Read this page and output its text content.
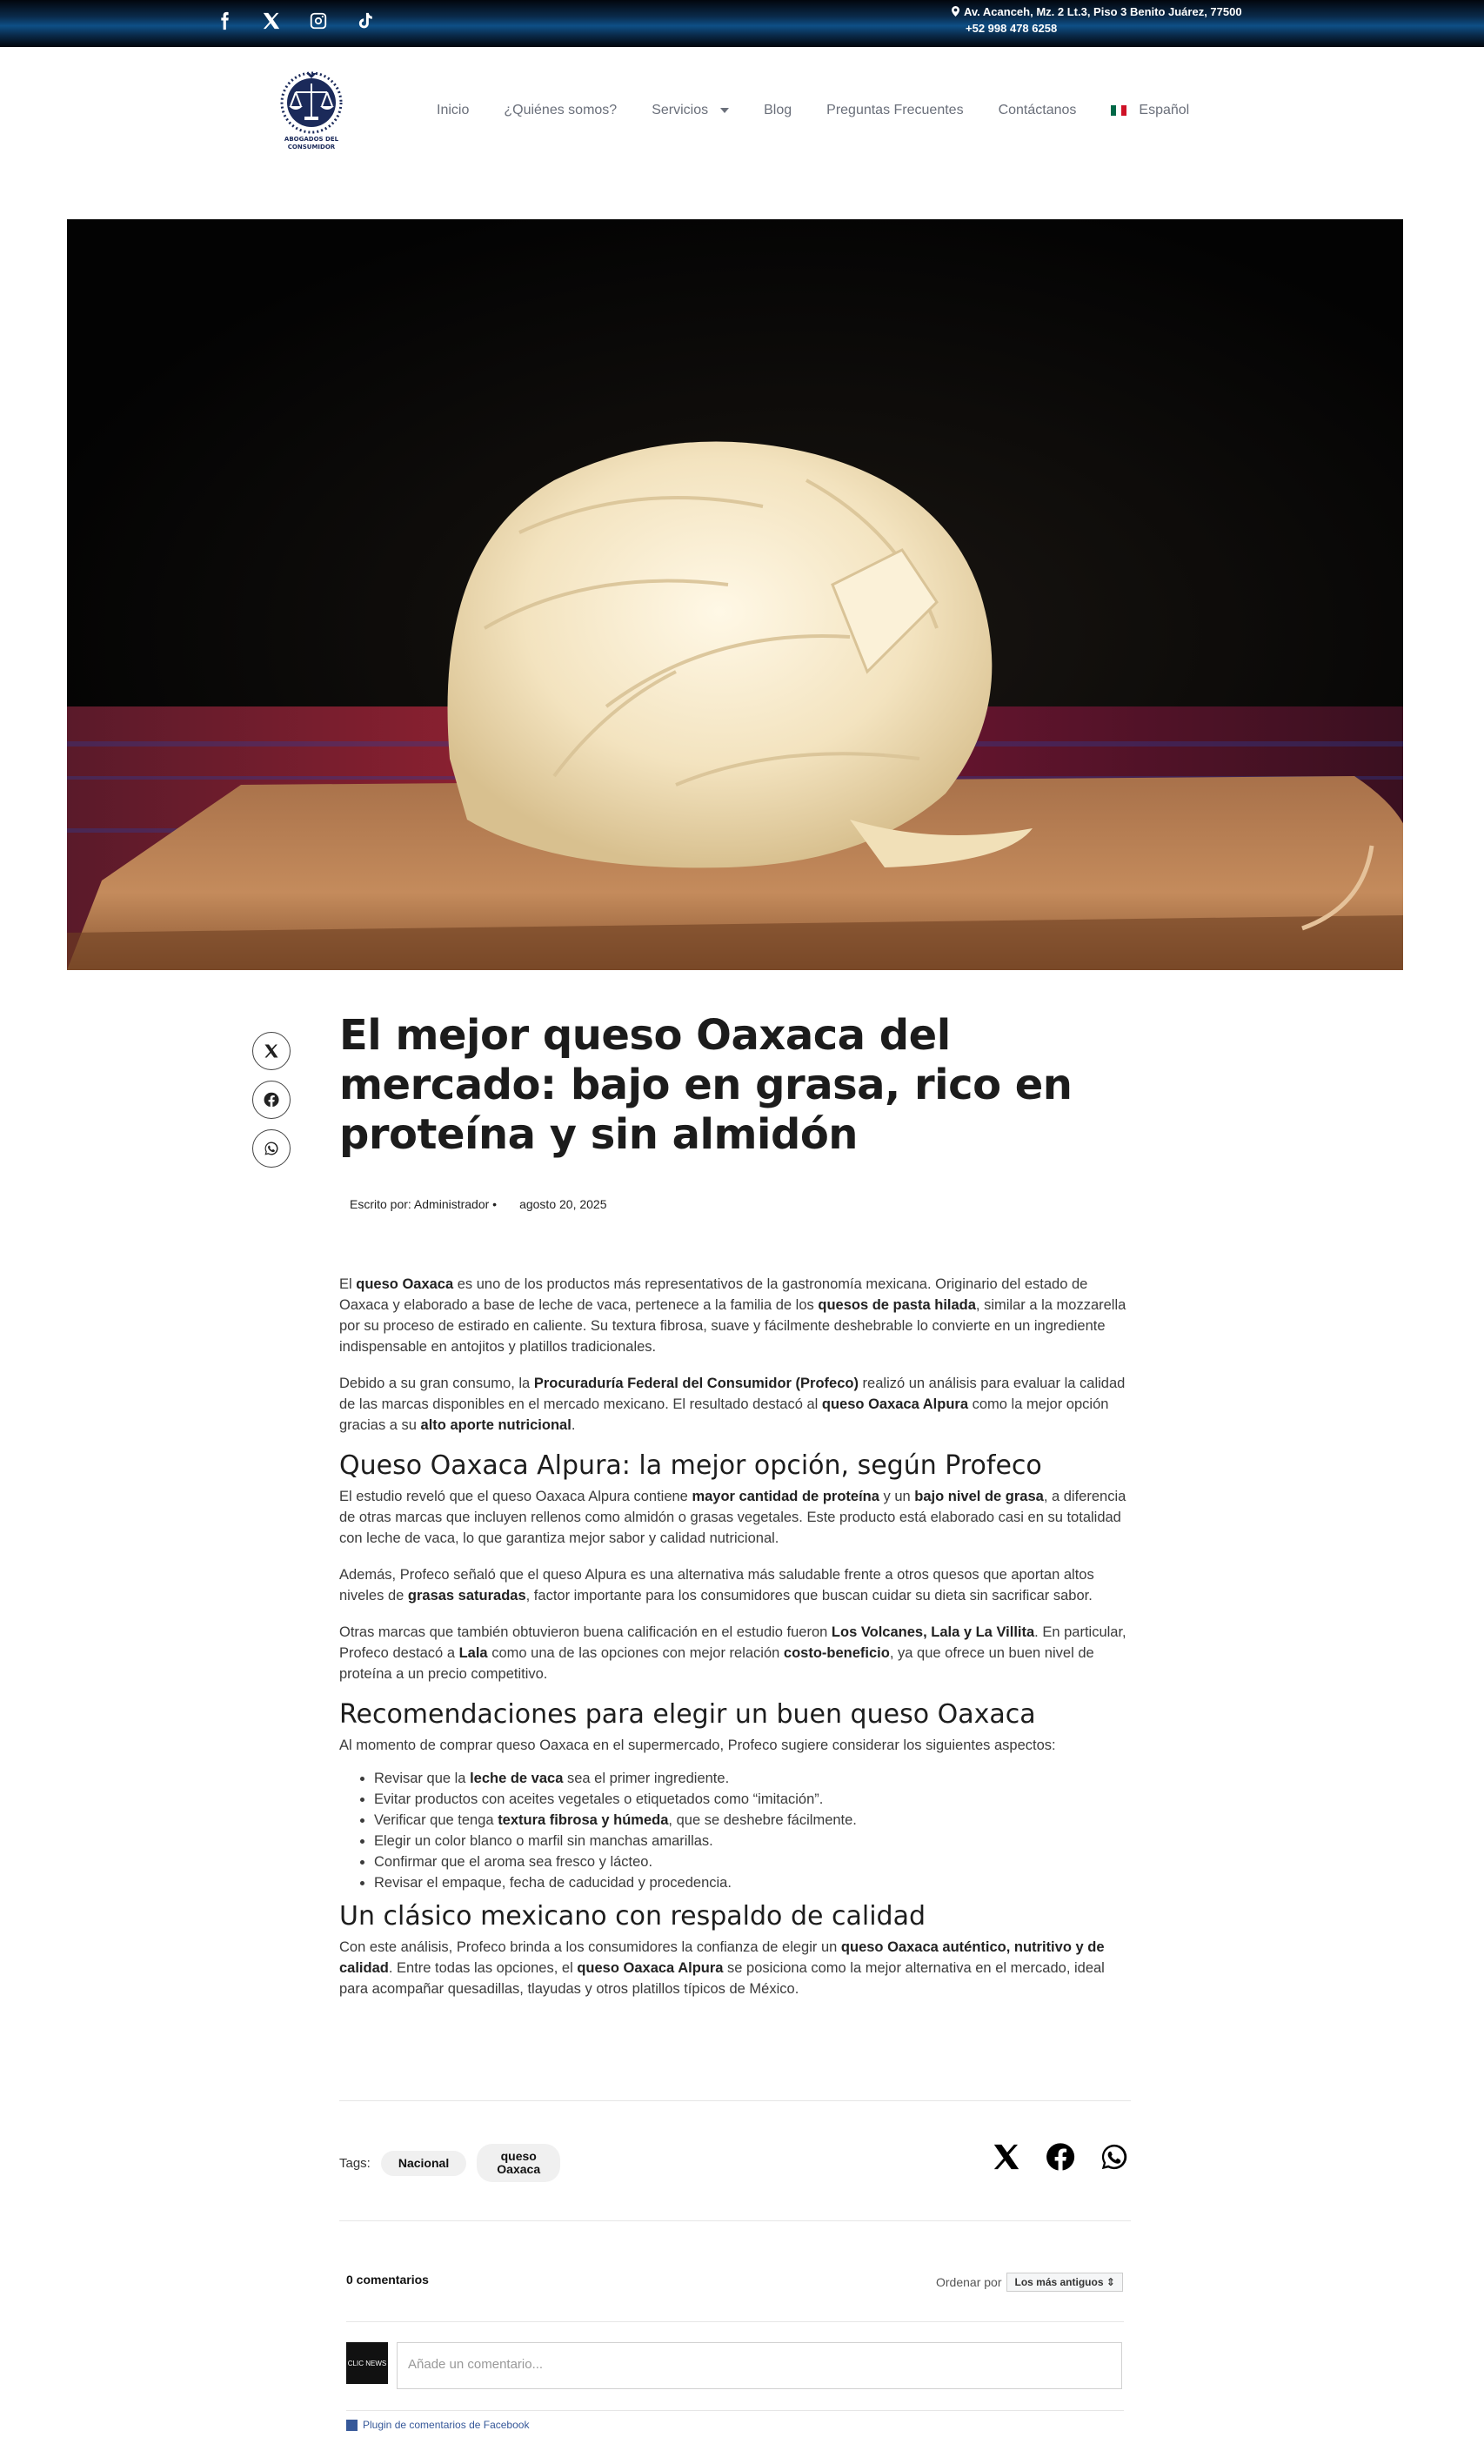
Av. Acanceh, Mz. 2 Lt.3, Piso 3 Benito Juárez, 77500
+52 998 478 6258
ABOGADOS DEL
CONSUMIDOR
Inicio	¿Quiénes somos?	Servicios	Blog	Preguntas Frecuentes	Contáctanos	Español
El mejor queso Oaxaca del mercado: bajo en grasa, rico en proteína y sin almidón
Escrito por: Administrador • agosto 20, 2025

El queso Oaxaca es uno de los productos más representativos de la gastronomía mexicana. Originario del estado de Oaxaca y elaborado a base de leche de vaca, pertenece a la familia de los quesos de pasta hilada, similar a la mozzarella por su proceso de estirado en caliente. Su textura fibrosa, suave y fácilmente deshebrable lo convierte en un ingrediente indispensable en antojitos y platillos tradicionales.

Debido a su gran consumo, la Procuraduría Federal del Consumidor (Profeco) realizó un análisis para evaluar la calidad de las marcas disponibles en el mercado mexicano. El resultado destacó al queso Oaxaca Alpura como la mejor opción gracias a su alto aporte nutricional.

Queso Oaxaca Alpura: la mejor opción, según Profeco

El estudio reveló que el queso Oaxaca Alpura contiene mayor cantidad de proteína y un bajo nivel de grasa, a diferencia de otras marcas que incluyen rellenos como almidón o grasas vegetales. Este producto está elaborado casi en su totalidad con leche de vaca, lo que garantiza mejor sabor y calidad nutricional.

Además, Profeco señaló que el queso Alpura es una alternativa más saludable frente a otros quesos que aportan altos niveles de grasas saturadas, factor importante para los consumidores que buscan cuidar su dieta sin sacrificar sabor.

Otras marcas que también obtuvieron buena calificación en el estudio fueron Los Volcanes, Lala y La Villita. En particular, Profeco destacó a Lala como una de las opciones con mejor relación costo-beneficio, ya que ofrece un buen nivel de proteína a un precio competitivo.

Recomendaciones para elegir un buen queso Oaxaca

Al momento de comprar queso Oaxaca en el supermercado, Profeco sugiere considerar los siguientes aspectos:

• Revisar que la leche de vaca sea el primer ingrediente.
• Evitar productos con aceites vegetales o etiquetados como “imitación”.
• Verificar que tenga textura fibrosa y húmeda, que se deshebre fácilmente.
• Elegir un color blanco o marfil sin manchas amarillas.
• Confirmar que el aroma sea fresco y lácteo.
• Revisar el empaque, fecha de caducidad y procedencia.
Un clásico mexicano con respaldo de calidad

Con este análisis, Profeco brinda a los consumidores la confianza de elegir un queso Oaxaca auténtico, nutritivo y de calidad. Entre todas las opciones, el queso Oaxaca Alpura se posiciona como la mejor alternativa en el mercado, ideal para acompañar quesadillas, tlayudas y otros platillos típicos de México.

Tags:	Nacional	queso Oaxaca
0 comentarios	Ordenar por	Los más antiguos ⇕
CLIC NEWS	Añade un comentario...
Plugin de comentarios de Facebook
